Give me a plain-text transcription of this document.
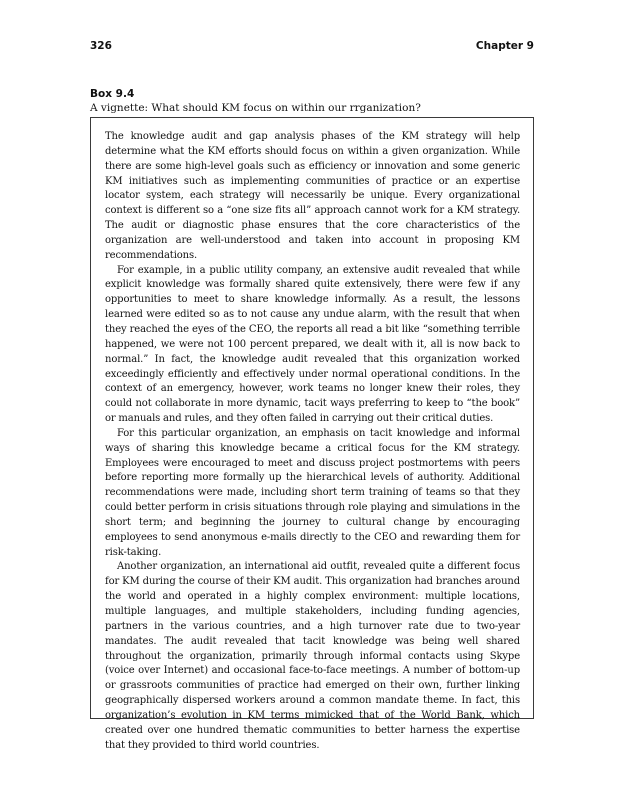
326	Chapter 9
Box 9.4
A vignette: What should KM focus on within our rrganization?

The knowledge audit and gap analysis phases of the KM strategy will help determine what the KM efforts should focus on within a given organization. While there are some high-level goals such as efficiency or innovation and some generic KM initiatives such as implementing communities of practice or an expertise locator system, each strategy will necessarily be unique. Every organizational context is different so a “one size fits all” approach cannot work for a KM strategy. The audit or diagnostic phase ensures that the core characteristics of the organization are well-understood and taken into account in proposing KM recommendations.

For example, in a public utility company, an extensive audit revealed that while explicit knowledge was formally shared quite extensively, there were few if any opportunities to meet to share knowledge informally. As a result, the lessons learned were edited so as to not cause any undue alarm, with the result that when they reached the eyes of the CEO, the reports all read a bit like “something terrible happened, we were not 100 percent prepared, we dealt with it, all is now back to normal.” In fact, the knowledge audit revealed that this organization worked exceedingly efficiently and effectively under normal operational conditions. In the context of an emergency, however, work teams no longer knew their roles, they could not collaborate in more dynamic, tacit ways preferring to keep to “the book” or manuals and rules, and they often failed in carrying out their critical duties.

For this particular organization, an emphasis on tacit knowledge and informal ways of sharing this knowledge became a critical focus for the KM strategy. Employees were encouraged to meet and discuss project postmortems with peers before reporting more formally up the hierarchical levels of authority. Additional recommendations were made, including short term training of teams so that they could better perform in crisis situations through role playing and simulations in the short term; and beginning the journey to cultural change by encouraging employees to send anonymous e-mails directly to the CEO and rewarding them for risk-taking.

Another organization, an international aid outfit, revealed quite a different focus for KM during the course of their KM audit. This organization had branches around the world and operated in a highly complex environment: multiple locations, multiple languages, and multiple stakeholders, including funding agencies, partners in the various countries, and a high turnover rate due to two-year mandates. The audit revealed that tacit knowledge was being well shared throughout the organization, primarily through informal contacts using Skype (voice over Internet) and occasional face-to-face meetings. A number of bottom-up or grassroots communities of practice had emerged on their own, further linking geographically dispersed workers around a common mandate theme. In fact, this organization’s evolution in KM terms mimicked that of the World Bank, which created over one hundred thematic communities to better harness the expertise that they provided to third world countries.
